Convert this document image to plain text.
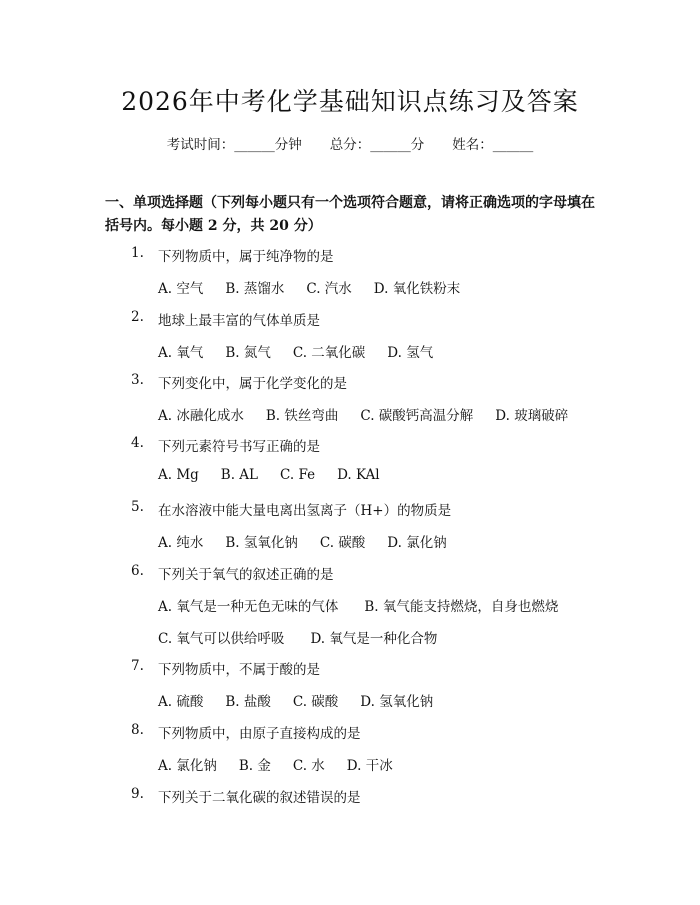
2026年中考化学基础知识点练习及答案
考试时间：______分钟 总分：______分 姓名：______
一、单项选择题（下列每小题只有一个选项符合题意，请将正确选项的字母填在括号内。每小题 2 分，共 20 分）
1. 下列物质中，属于纯净物的是
A. 空气 B. 蒸馏水 C. 汽水 D. 氧化铁粉末
2. 地球上最丰富的气体单质是
A. 氧气 B. 氮气 C. 二氧化碳 D. 氢气
3. 下列变化中，属于化学变化的是
A. 冰融化成水 B. 铁丝弯曲 C. 碳酸钙高温分解 D. 玻璃破碎
4. 下列元素符号书写正确的是
A. Mg B. AL C. Fe D. KAl
5. 在水溶液中能大量电离出氢离子（H+）的物质是
A. 纯水 B. 氢氧化钠 C. 碳酸 D. 氯化钠
6. 下列关于氧气的叙述正确的是
A. 氧气是一种无色无味的气体 B. 氧气能支持燃烧，自身也燃烧
C. 氧气可以供给呼吸 D. 氧气是一种化合物
7. 下列物质中，不属于酸的是
A. 硫酸 B. 盐酸 C. 碳酸 D. 氢氧化钠
8. 下列物质中，由原子直接构成的是
A. 氯化钠 B. 金 C. 水 D. 干冰
9. 下列关于二氧化碳的叙述错误的是
